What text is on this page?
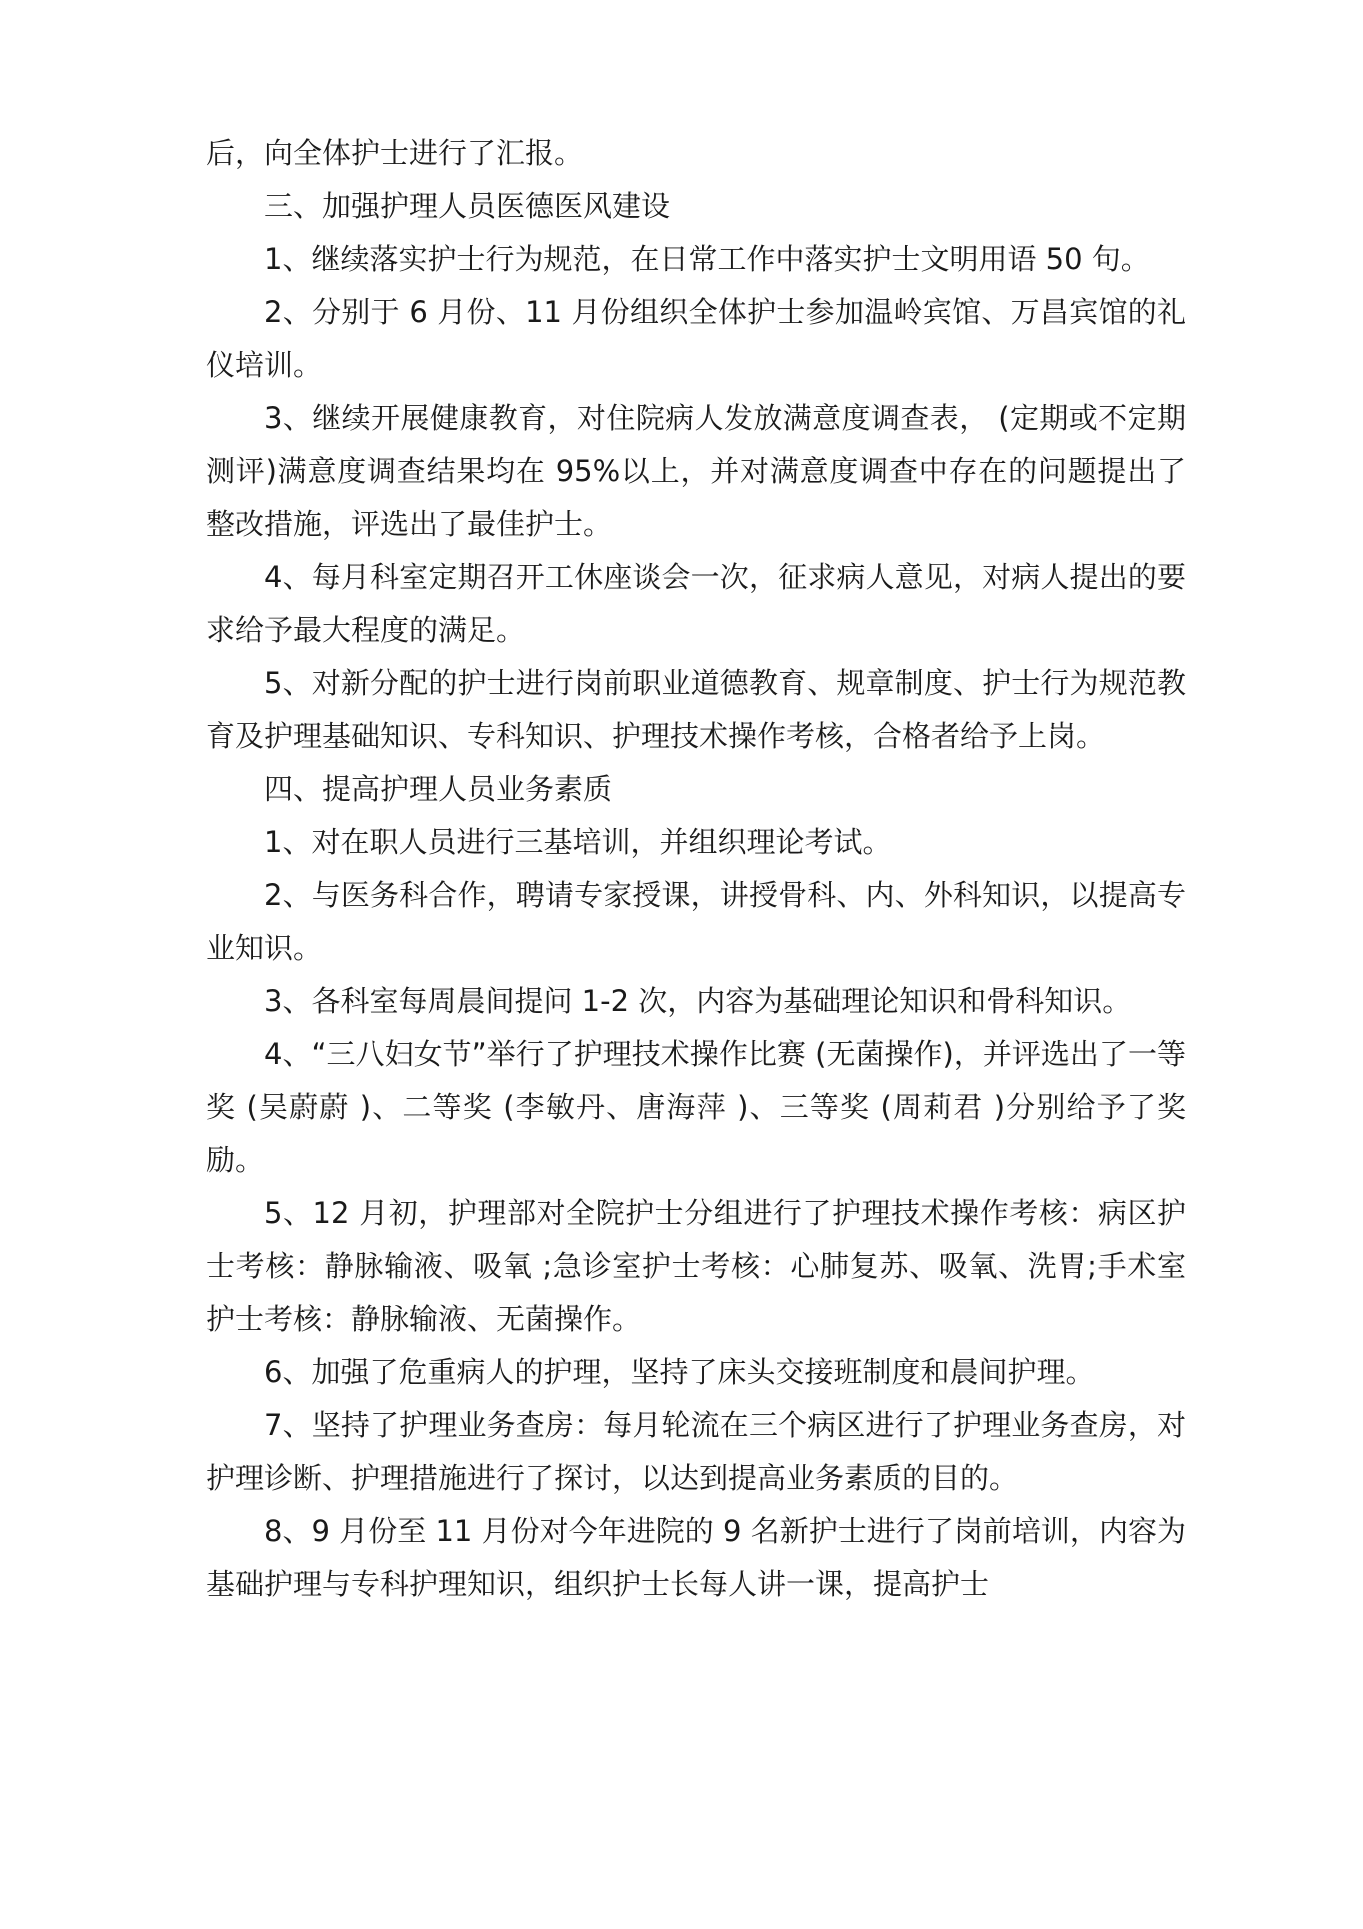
后，向全体护士进行了汇报。

三、加强护理人员医德医风建设

1、继续落实护士行为规范，在日常工作中落实护士文明用语 50 句。

2、分别于 6 月份、11 月份组织全体护士参加温岭宾馆、万昌宾馆的礼仪培训。

3、继续开展健康教育，对住院病人发放满意度调查表， (定期或不定期测评)满意度调查结果均在 95%以上，并对满意度调查中存在的问题提出了整改措施，评选出了最佳护士。

4、每月科室定期召开工休座谈会一次，征求病人意见，对病人提出的要求给予最大程度的满足。

5、对新分配的护士进行岗前职业道德教育、规章制度、护士行为规范教育及护理基础知识、专科知识、护理技术操作考核，合格者给予上岗。

四、提高护理人员业务素质

1、对在职人员进行三基培训，并组织理论考试。

2、与医务科合作，聘请专家授课，讲授骨科、内、外科知识，以提高专业知识。

3、各科室每周晨间提问 1-2 次，内容为基础理论知识和骨科知识。

4、“三八妇女节”举行了护理技术操作比赛 (无菌操作)，并评选出了一等奖 (吴蔚蔚 )、二等奖 (李敏丹、唐海萍 )、三等奖 (周莉君 )分别给予了奖励。

5、12 月初，护理部对全院护士分组进行了护理技术操作考核：病区护士考核：静脉输液、吸氧 ;急诊室护士考核：心肺复苏、吸氧、洗胃;手术室护士考核：静脉输液、无菌操作。

6、加强了危重病人的护理，坚持了床头交接班制度和晨间护理。

7、坚持了护理业务查房：每月轮流在三个病区进行了护理业务查房，对护理诊断、护理措施进行了探讨，以达到提高业务素质的目的。

8、9 月份至 11 月份对今年进院的 9 名新护士进行了岗前培训，内容为基础护理与专科护理知识，组织护士长每人讲一课，提高护士
